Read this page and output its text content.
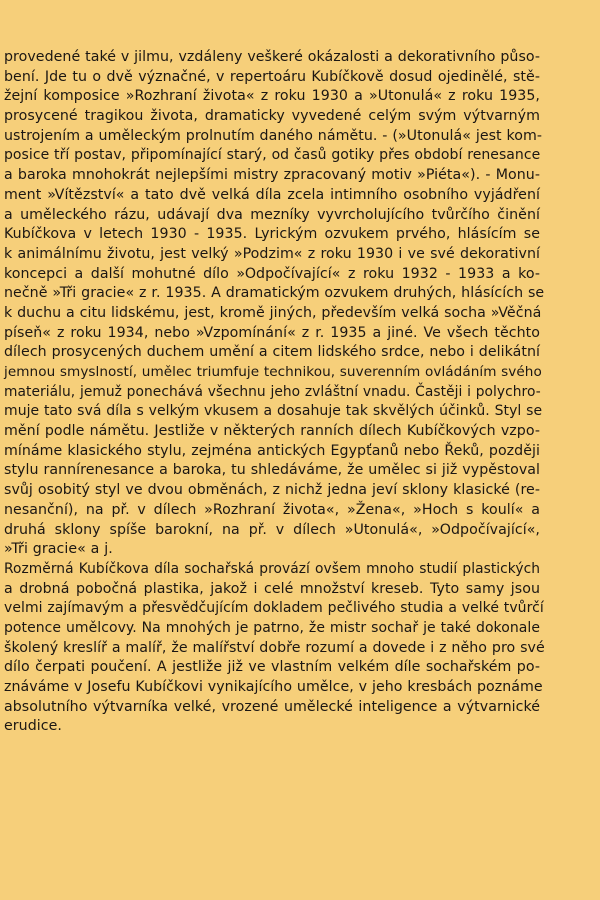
provedené také v jilmu, vzdáleny veškeré okázalosti a dekorativního půso-
bení. Jde tu o dvě význačné, v repertoáru Kubíčkově dosud ojedinělé, stě-
žejní komposice »Rozhraní života« z roku 1930 a »Utonulá« z roku 1935,
prosycené tragikou života, dramaticky vyvedené celým svým výtvarným
ustrojením a uměleckým prolnutím daného námětu. - (»Utonulá« jest kom-
posice tří postav, připomínající starý, od časů gotiky přes období renesance
a baroka mnohokrát nejlepšími mistry zpracovaný motiv »Piéta«). - Monu-
ment »Vítězství« a tato dvě velká díla zcela intimního osobního vyjádření
a uměleckého rázu, udávají dva mezníky vyvrcholujícího tvůrčího činění
Kubíčkova v letech 1930 - 1935. Lyrickým ozvukem prvého, hlásícím se
k animálnímu životu, jest velký »Podzim« z roku 1930 i ve své dekorativní
koncepci a další mohutné dílo »Odpočívající« z roku 1932 - 1933 a ko-
nečně »Tři gracie« z r. 1935. A dramatickým ozvukem druhých, hlásících se
k duchu a citu lidskému, jest, kromě jiných, především velká socha »Věčná
píseň« z roku 1934, nebo »Vzpomínání« z r. 1935 a jiné. Ve všech těchto
dílech prosycených duchem umění a citem lidského srdce, nebo i delikátní
jemnou smyslností, umělec triumfuje technikou, suverenním ovládáním svého
materiálu, jemuž ponechává všechnu jeho zvláštní vnadu. Častěji i polychro-
muje tato svá díla s velkým vkusem a dosahuje tak skvělých účinků. Styl se
mění podle námětu. Jestliže v některých ranních dílech Kubíčkových vzpo-
mínáme klasického stylu, zejména antických Egypťanů nebo Řeků, později
stylu rannírenesance a baroka, tu shledáváme, že umělec si již vypěstoval
svůj osobitý styl ve dvou obměnách, z nichž jedna jeví sklony klasické (re-
nesanční), na př. v dílech »Rozhraní života«, »Žena«, »Hoch s koulí« a
druhá sklony spíše barokní, na př. v dílech »Utonulá«, »Odpočívající«,
»Tři gracie« a j.
Rozměrná Kubíčkova díla sochařská provází ovšem mnoho studií plastických
a drobná pobočná plastika, jakož i celé množství kreseb. Tyto samy jsou
velmi zajímavým a přesvědčujícím dokladem pečlivého studia a velké tvůrčí
potence umělcovy. Na mnohých je patrno, že mistr sochař je také dokonale
školený kreslíř a malíř, že malířství dobře rozumí a dovede i z něho pro své
dílo čerpati poučení. A jestliže již ve vlastním velkém díle sochařském po-
znáváme v Josefu Kubíčkovi vynikajícího umělce, v jeho kresbách poznáme
absolutního výtvarníka velké, vrozené umělecké inteligence a výtvarnické
erudice.
